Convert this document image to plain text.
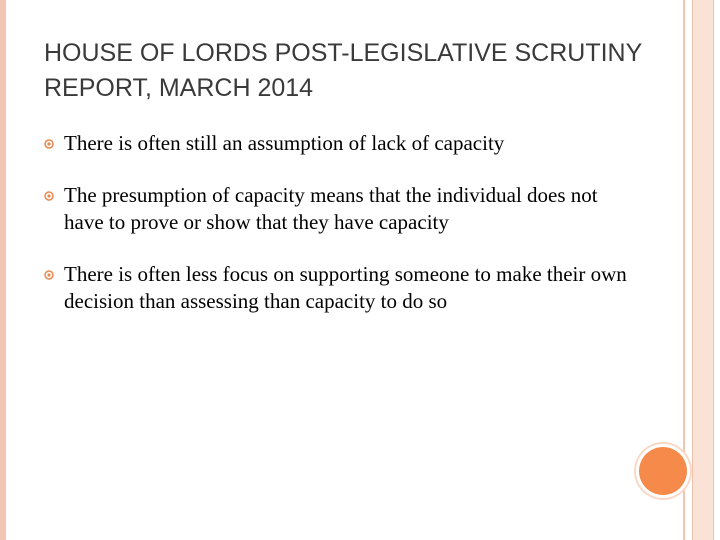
HOUSE OF LORDS POST-LEGISLATIVE SCRUTINY REPORT, MARCH 2014
There is often still an assumption of lack of capacity
The presumption of capacity means that the individual does not have to prove or show that they have capacity
There is often less focus on supporting someone to make their own decision than assessing than capacity to do so
